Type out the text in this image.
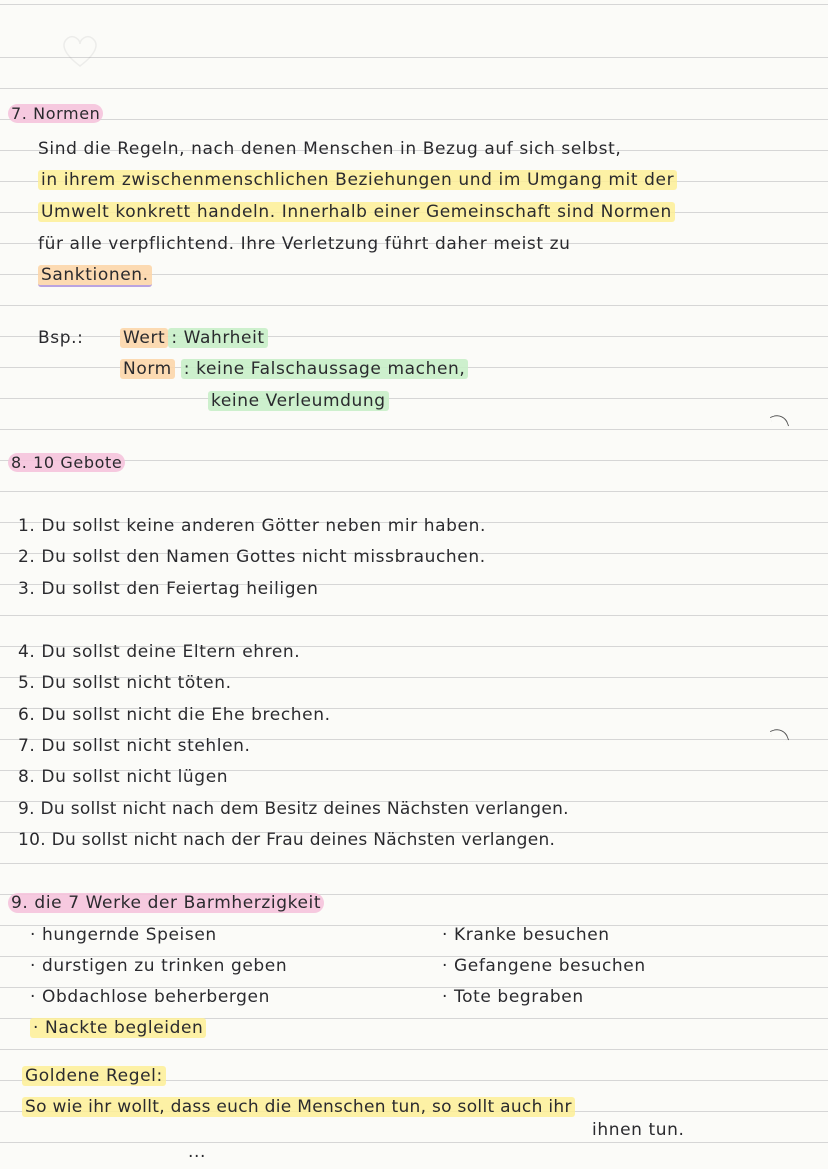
7. Normen
Sind die Regeln, nach denen Menschen in Bezug auf sich selbst,
in ihrem zwischenmenschlichen Beziehungen und im Umgang mit der
Umwelt konkrett handeln. Innerhalb einer Gemeinschaft sind Normen
für alle verpflichtend. Ihre Verletzung führt daher meist zu
Sanktionen.
Bsp.: Wert : Wahrheit
Norm : keine Falschaussage machen,
keine Verleumdung
8. 10 Gebote
1. Du sollst keine anderen Götter neben mir haben.
2. Du sollst den Namen Gottes nicht missbrauchen.
3. Du sollst den Feiertag heiligen
4. Du sollst deine Eltern ehren.
5. Du sollst nicht töten.
6. Du sollst nicht die Ehe brechen.
7. Du sollst nicht stehlen.
8. Du sollst nicht lügen
9. Du sollst nicht nach dem Besitz deines Nächsten verlangen.
10. Du sollst nicht nach der Frau deines Nächsten verlangen.
9. die 7 Werke der Barmherzigkeit
· hungernde Speisen
· durstigen zu trinken geben
· Obdachlose beherbergen
· Nackte begleiden
· Kranke besuchen
· Gefangene besuchen
· Tote begraben
Goldene Regel:
So wie ihr wollt, dass euch die Menschen tun, so sollt auch ihr
ihnen tun.
...
